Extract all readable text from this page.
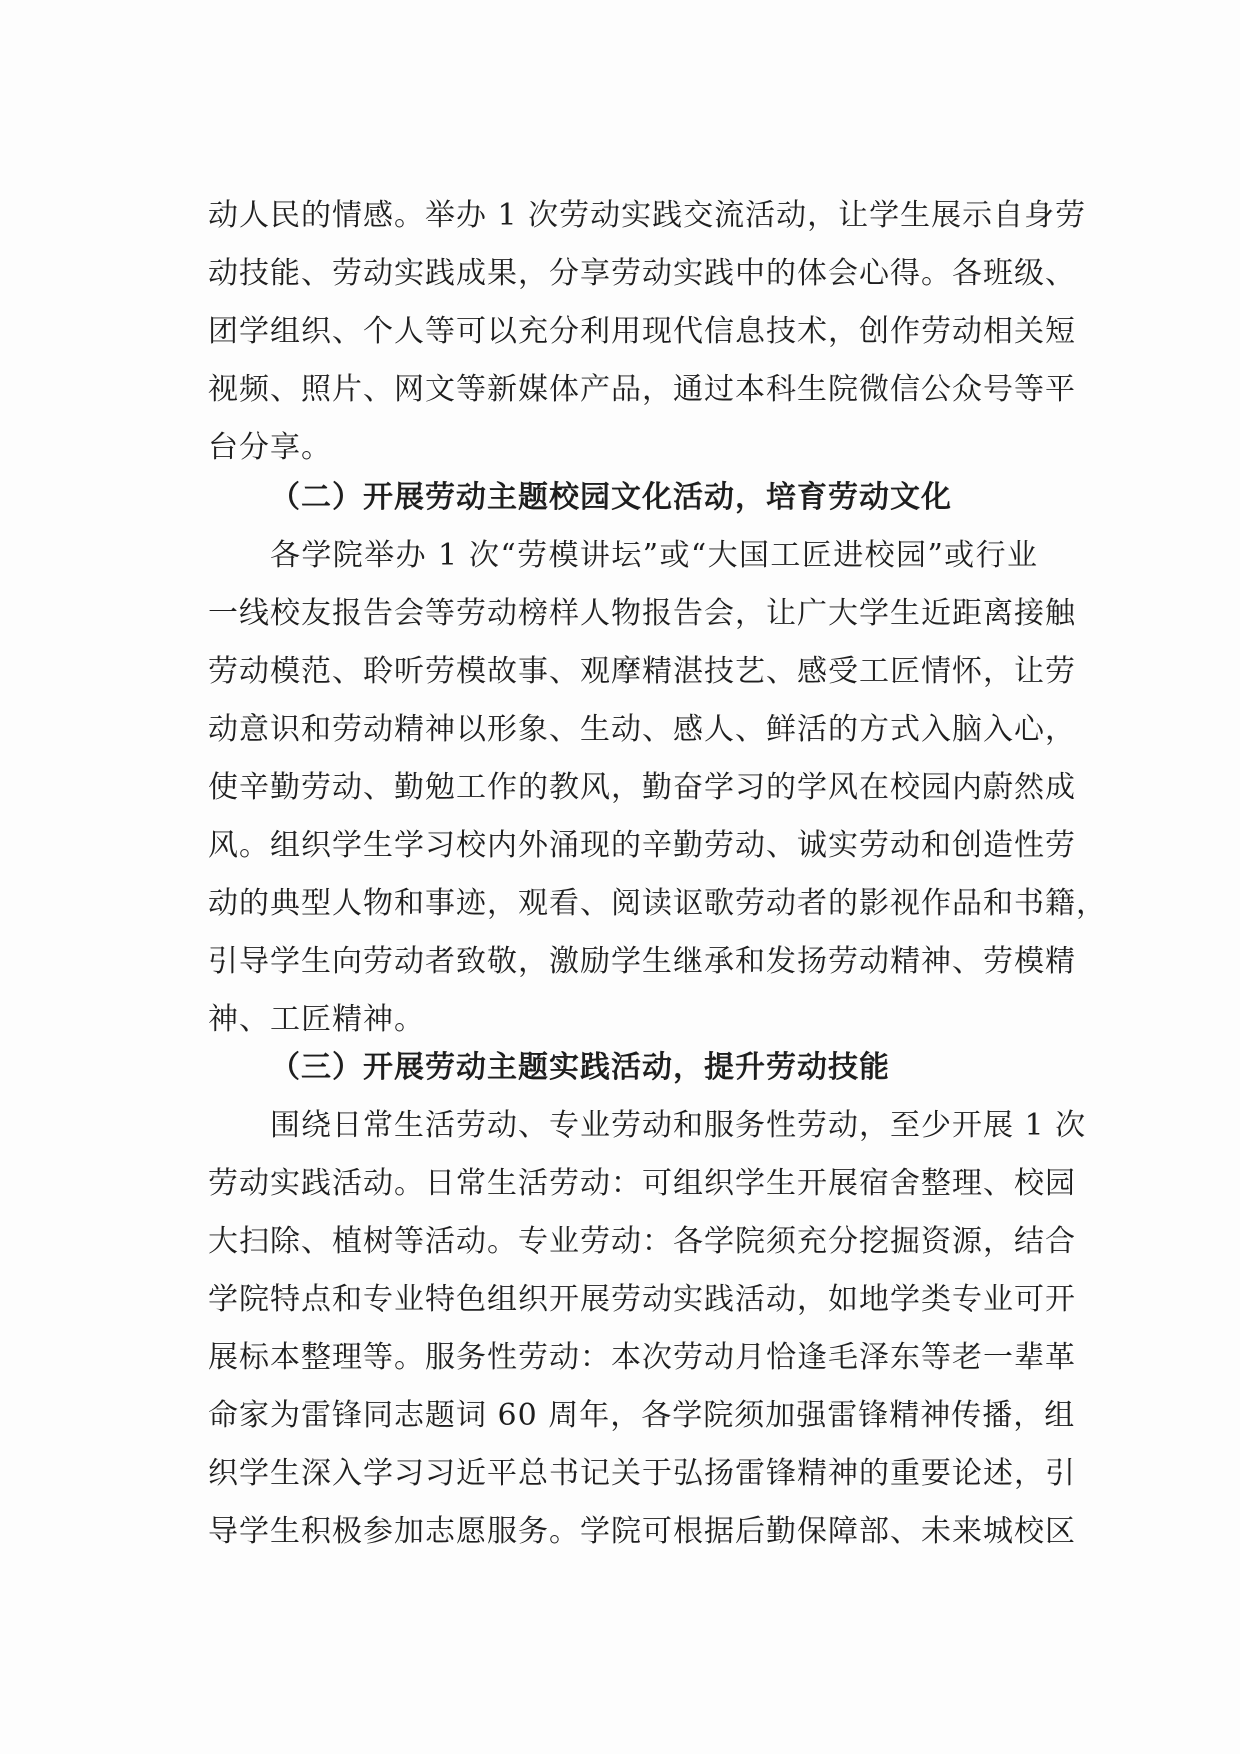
动人民的情感。举办 1 次劳动实践交流活动，让学生展示自身劳
动技能、劳动实践成果，分享劳动实践中的体会心得。各班级、
团学组织、个人等可以充分利用现代信息技术，创作劳动相关短
视频、照片、网文等新媒体产品，通过本科生院微信公众号等平
台分享。
（二）开展劳动主题校园文化活动，培育劳动文化
各学院举办 1 次“劳模讲坛”或“大国工匠进校园”或行业
一线校友报告会等劳动榜样人物报告会，让广大学生近距离接触
劳动模范、聆听劳模故事、观摩精湛技艺、感受工匠情怀，让劳
动意识和劳动精神以形象、生动、感人、鲜活的方式入脑入心，
使辛勤劳动、勤勉工作的教风，勤奋学习的学风在校园内蔚然成
风。组织学生学习校内外涌现的辛勤劳动、诚实劳动和创造性劳
动的典型人物和事迹，观看、阅读讴歌劳动者的影视作品和书籍，
引导学生向劳动者致敬，激励学生继承和发扬劳动精神、劳模精
神、工匠精神。
（三）开展劳动主题实践活动，提升劳动技能
围绕日常生活劳动、专业劳动和服务性劳动，至少开展 1 次
劳动实践活动。日常生活劳动：可组织学生开展宿舍整理、校园
大扫除、植树等活动。专业劳动：各学院须充分挖掘资源，结合
学院特点和专业特色组织开展劳动实践活动，如地学类专业可开
展标本整理等。服务性劳动：本次劳动月恰逢毛泽东等老一辈革
命家为雷锋同志题词 60 周年，各学院须加强雷锋精神传播，组
织学生深入学习习近平总书记关于弘扬雷锋精神的重要论述，引
导学生积极参加志愿服务。学院可根据后勤保障部、未来城校区
